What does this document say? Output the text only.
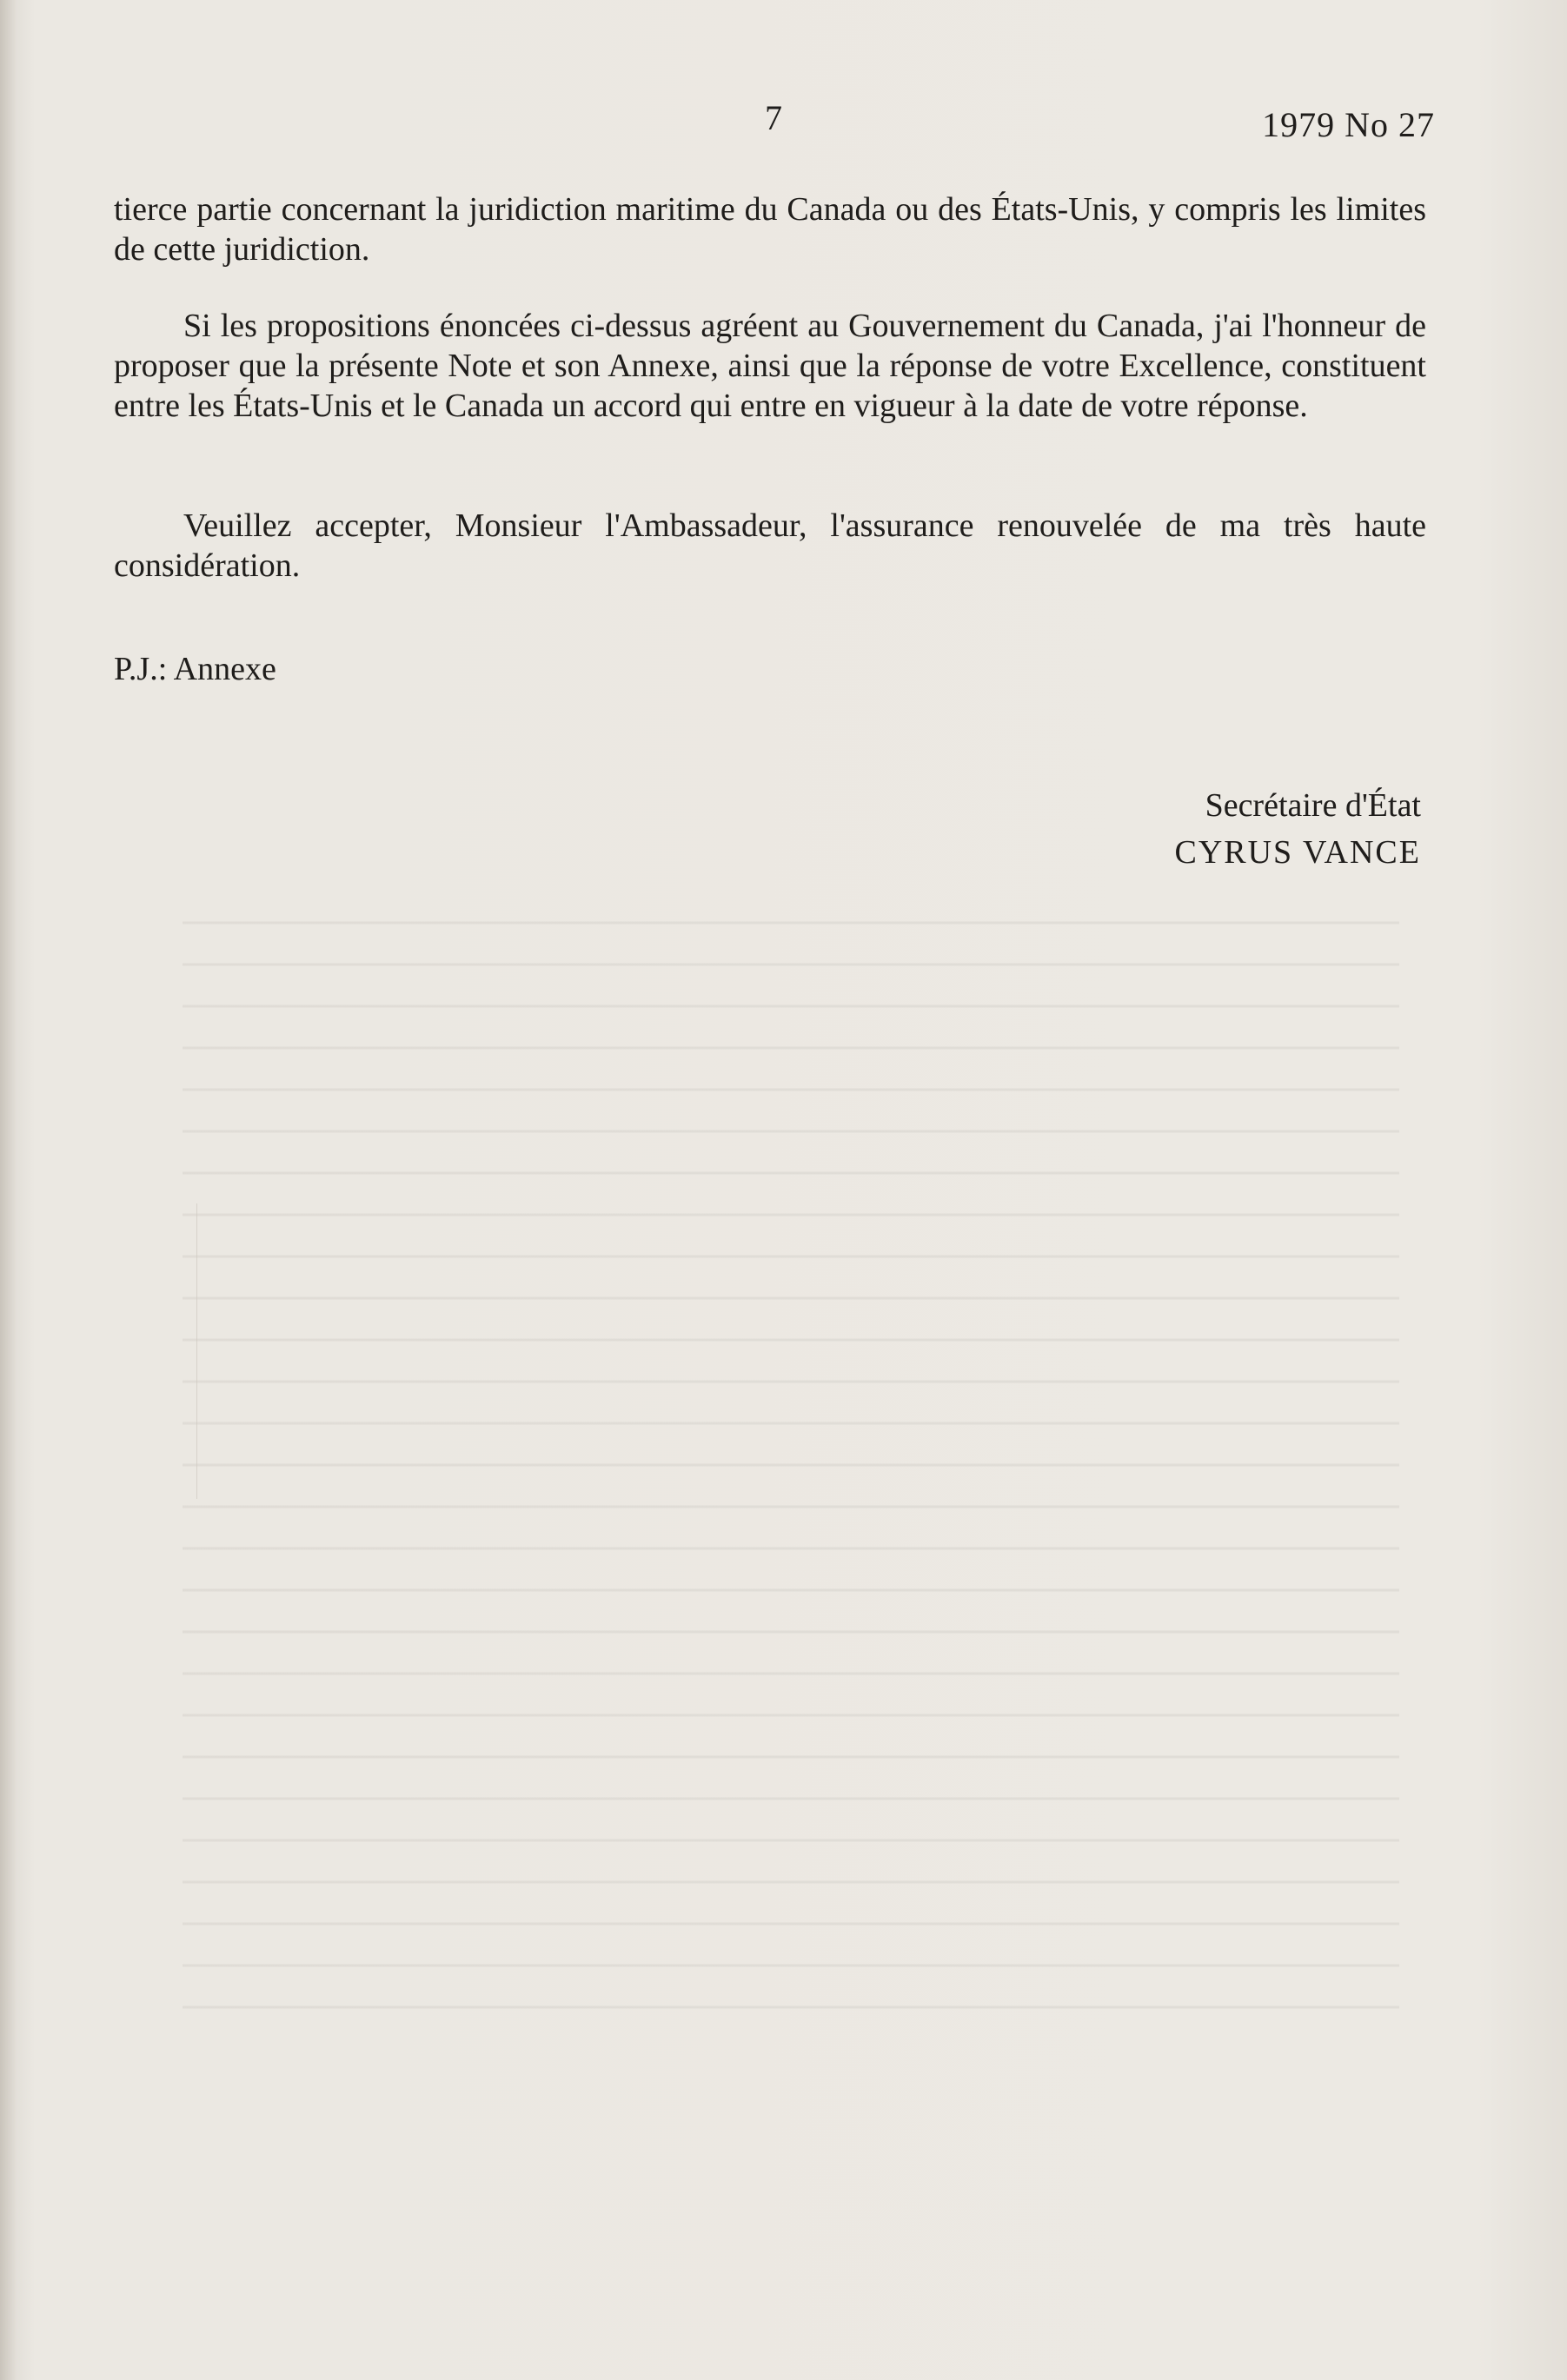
7	1979 No 27
tierce partie concernant la juridiction maritime du Canada ou des États-Unis, y compris les limites de cette juridiction.
Si les propositions énoncées ci-dessus agréent au Gouvernement du Canada, j'ai l'honneur de proposer que la présente Note et son Annexe, ainsi que la réponse de votre Excellence, constituent entre les États-Unis et le Canada un accord qui entre en vigueur à la date de votre réponse.
Veuillez accepter, Monsieur l'Ambassadeur, l'assurance renouvelée de ma très haute considération.
P.J.: Annexe
Secrétaire d'État
CYRUS VANCE
